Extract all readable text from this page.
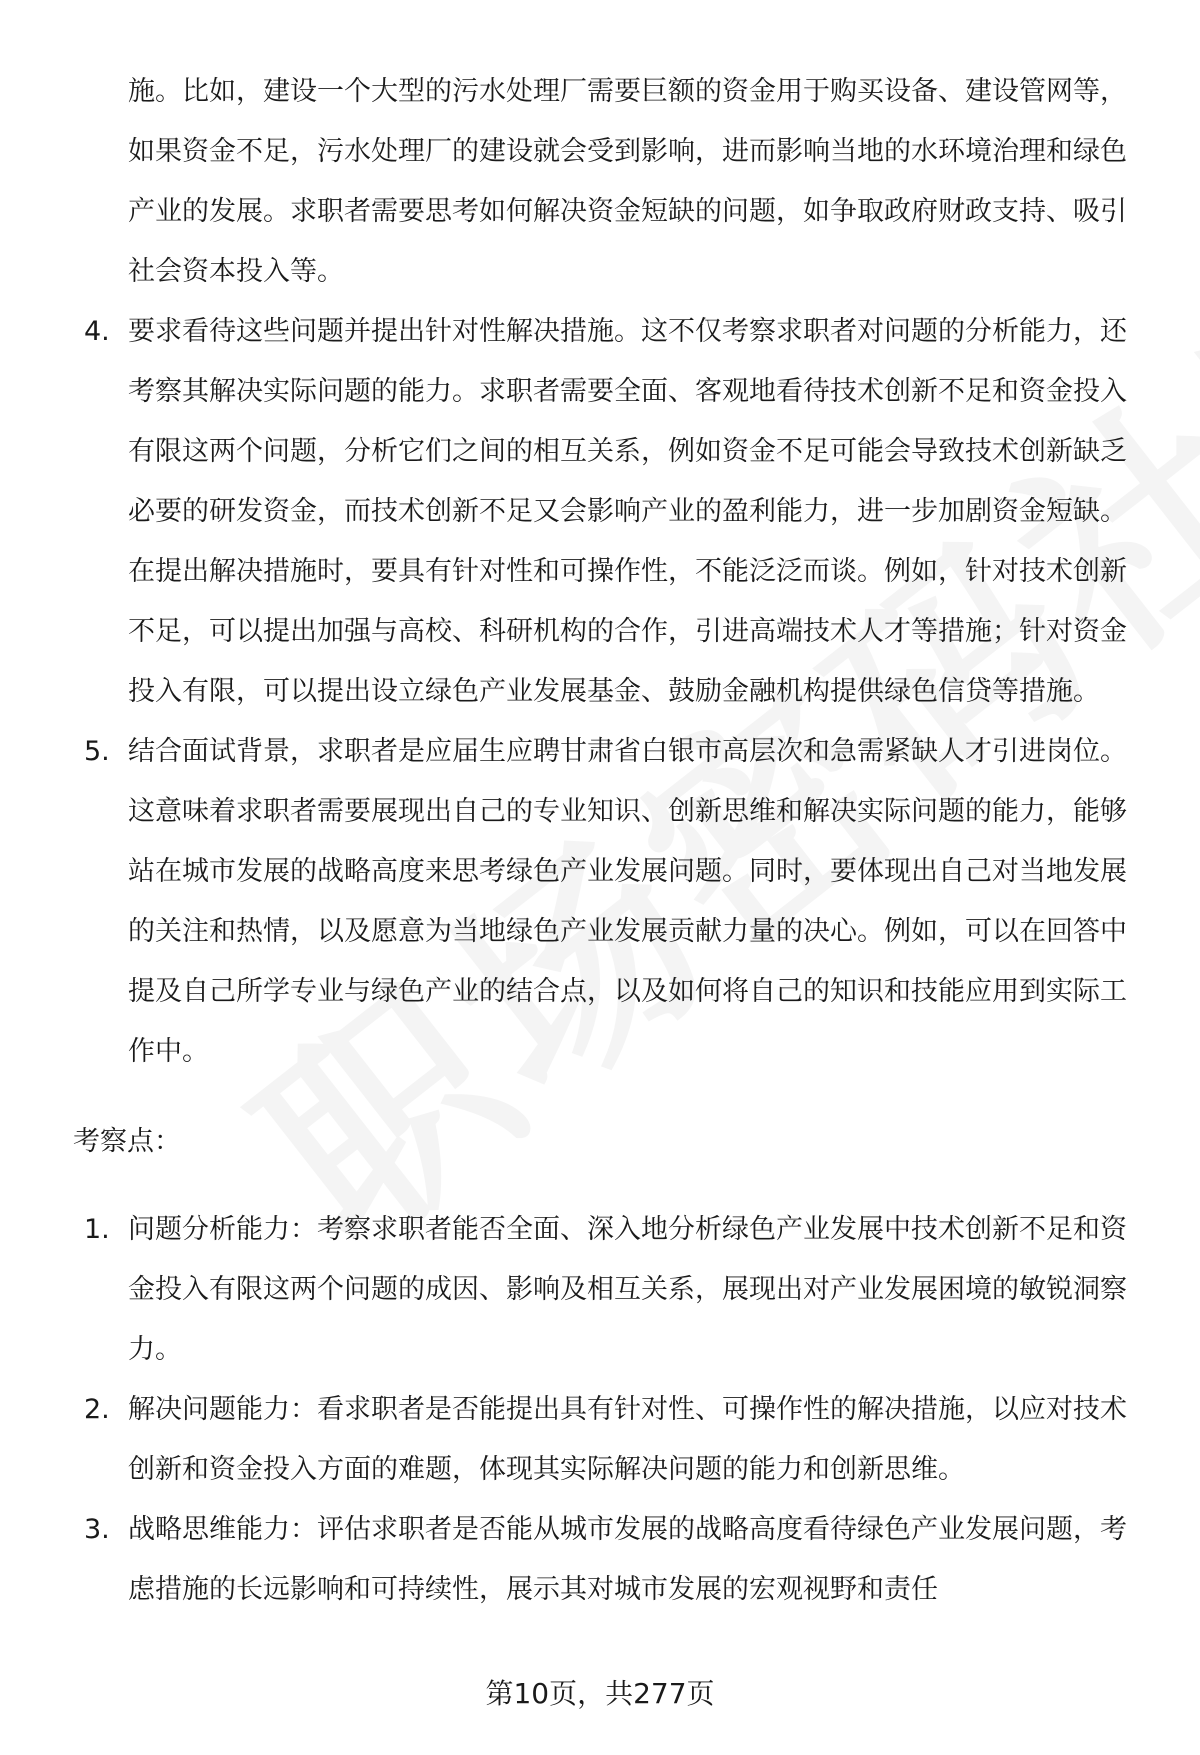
施。比如，建设一个大型的污水处理厂需要巨额的资金用于购买设备、建设管网等，如果资金不足，污水处理厂的建设就会受到影响，进而影响当地的水环境治理和绿色产业的发展。求职者需要思考如何解决资金短缺的问题，如争取政府财政支持、吸引社会资本投入等。

4. 要求看待这些问题并提出针对性解决措施。这不仅考察求职者对问题的分析能力，还考察其解决实际问题的能力。求职者需要全面、客观地看待技术创新不足和资金投入有限这两个问题，分析它们之间的相互关系，例如资金不足可能会导致技术创新缺乏必要的研发资金，而技术创新不足又会影响产业的盈利能力，进一步加剧资金短缺。在提出解决措施时，要具有针对性和可操作性，不能泛泛而谈。例如，针对技术创新不足，可以提出加强与高校、科研机构的合作，引进高端技术人才等措施；针对资金投入有限，可以提出设立绿色产业发展基金、鼓励金融机构提供绿色信贷等措施。
5. 结合面试背景，求职者是应届生应聘甘肃省白银市高层次和急需紧缺人才引进岗位。这意味着求职者需要展现出自己的专业知识、创新思维和解决实际问题的能力，能够站在城市发展的战略高度来思考绿色产业发展问题。同时，要体现出自己对当地发展的关注和热情，以及愿意为当地绿色产业发展贡献力量的决心。例如，可以在回答中提及自己所学专业与绿色产业的结合点，以及如何将自己的知识和技能应用到实际工作中。
考察点：
1. 问题分析能力：考察求职者能否全面、深入地分析绿色产业发展中技术创新不足和资金投入有限这两个问题的成因、影响及相互关系，展现出对产业发展困境的敏锐洞察力。
2. 解决问题能力：看求职者是否能提出具有针对性、可操作性的解决措施，以应对技术创新和资金投入方面的难题，体现其实际解决问题的能力和创新思维。
3. 战略思维能力：评估求职者是否能从城市发展的战略高度看待绿色产业发展问题，考虑措施的长远影响和可持续性，展示其对城市发展的宏观视野和责任
第10页，共277页
